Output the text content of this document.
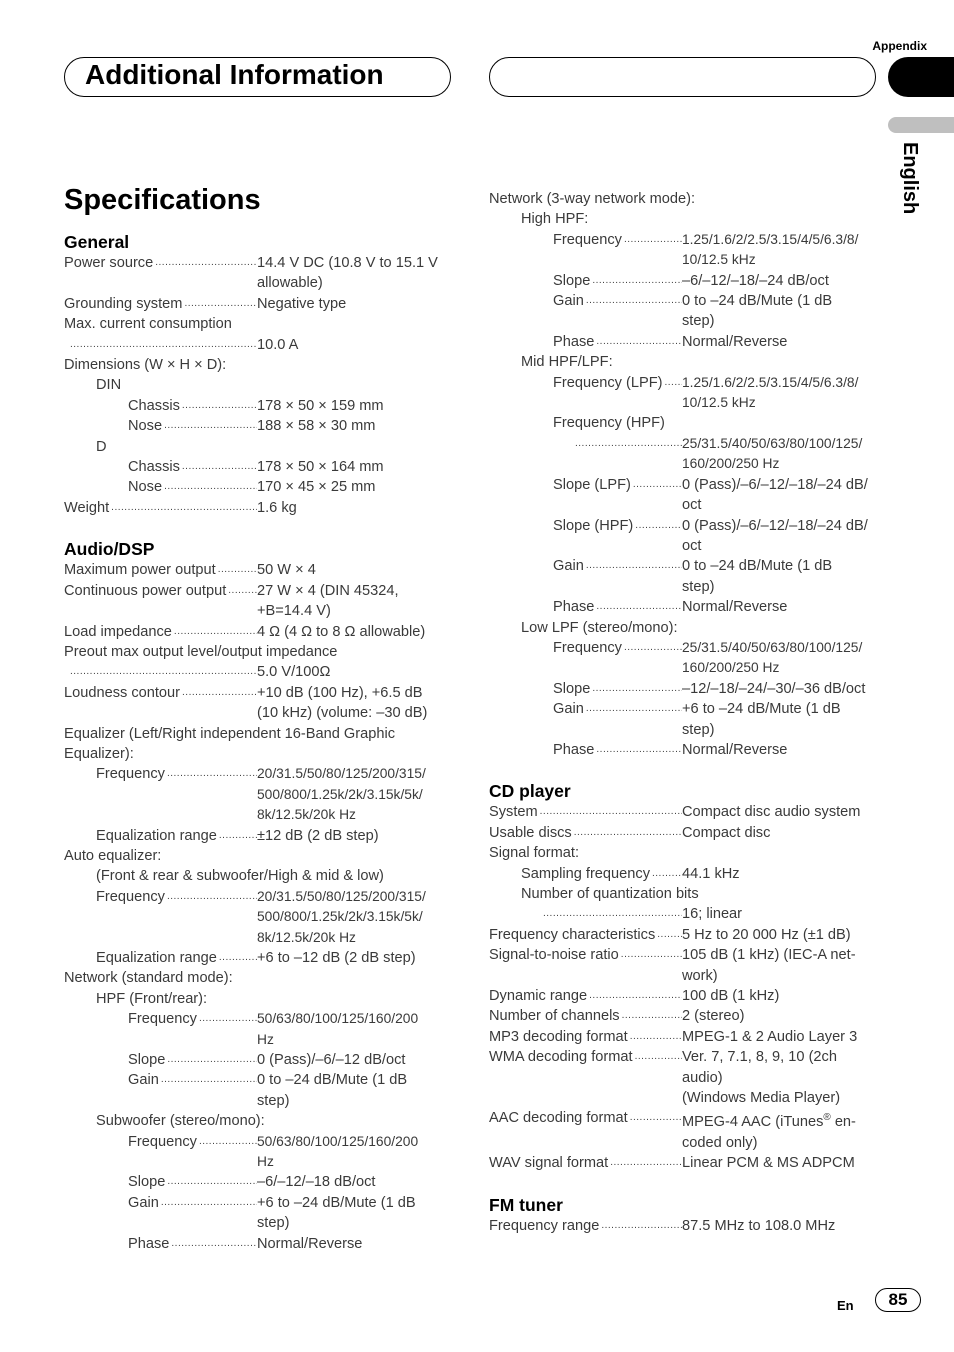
Appendix
Additional Information
English
Specifications
General
Power source .....	14.4 V DC (10.8 V to 15.1 V
allowable)
Grounding system .....	Negative type
Max. current consumption
.....
10.0 A
Dimensions (W × H × D):
DIN
Chassis .....	178 × 50 × 159 mm
Nose .....	188 × 58 × 30 mm
D
Chassis .....	178 × 50 × 164 mm
Nose .....	170 × 45 × 25 mm
Weight .....	1.6 kg
Audio/DSP
Maximum power output .....	50 W × 4
Continuous power output ..... 27 W × 4 (DIN 45324,
+B=14.4 V)
Load impedance .....	4 Ω (4 Ω to 8 Ω allowable)
Preout max output level/output impedance
.....
5.0 V/100Ω
Loudness contour .....	+10 dB (100 Hz), +6.5 dB
(10 kHz) (volume: –30 dB)
Equalizer (Left/Right independent 16-Band Graphic Equalizer):
Frequency .....	20/31.5/50/80/125/200/315/
500/800/1.25k/2k/3.15k/5k/
8k/12.5k/20k Hz
Equalization range .....	±12 dB (2 dB step)
Auto equalizer:
(Front & rear & subwoofer/High & mid & low)
Frequency .....	20/31.5/50/80/125/200/315/
500/800/1.25k/2k/3.15k/5k/
8k/12.5k/20k Hz
Equalization range .....	+6 to –12 dB (2 dB step)
Network (standard mode):
HPF (Front/rear):
Frequency .....	50/63/80/100/125/160/200
Hz
Slope .....	0 (Pass)/–6/–12 dB/oct
Gain .....	0 to –24 dB/Mute (1 dB
step)
Subwoofer (stereo/mono):
Frequency .....	50/63/80/100/125/160/200
Hz
Slope .....	–6/–12/–18 dB/oct
Gain .....	+6 to –24 dB/Mute (1 dB
step)
Phase .....	Normal/Reverse
Network (3-way network mode):
High HPF:
Frequency .....	1.25/1.6/2/2.5/3.15/4/5/6.3/8/
10/12.5 kHz
Slope .....	–6/–12/–18/–24 dB/oct
Gain .....	0 to –24 dB/Mute (1 dB
step)
Phase .....	Normal/Reverse
Mid HPF/LPF:
Frequency (LPF) ..... 1.25/1.6/2/2.5/3.15/4/5/6.3/8/
10/12.5 kHz
Frequency (HPF)
.....
25/31.5/40/50/63/80/100/125/
160/200/250 Hz
Slope (LPF) .....	0 (Pass)/–6/–12/–18/–24 dB/
oct
Slope (HPF) .....	0 (Pass)/–6/–12/–18/–24 dB/
oct
Gain .....	0 to –24 dB/Mute (1 dB
step)
Phase .....	Normal/Reverse
Low LPF (stereo/mono):
Frequency .....	25/31.5/40/50/63/80/100/125/
160/200/250 Hz
Slope .....	–12/–18/–24/–30/–36 dB/oct
Gain .....	+6 to –24 dB/Mute (1 dB
step)
Phase .....	Normal/Reverse
CD player
System .....	Compact disc audio system
Usable discs .....	Compact disc
Signal format:
Sampling frequency ..... 44.1 kHz
Number of quantization bits
.....
16; linear
Frequency characteristics ..... 5 Hz to 20 000 Hz (±1 dB)
Signal-to-noise ratio .....	105 dB (1 kHz) (IEC-A net-
work)
Dynamic range .....	100 dB (1 kHz)
Number of channels .....	2 (stereo)
MP3 decoding format .....	MPEG-1 & 2 Audio Layer 3
WMA decoding format .....	Ver. 7, 7.1, 8, 9, 10 (2ch
audio)
(Windows Media Player)
AAC decoding format .....	MPEG-4 AAC (iTunes® en-
coded only)
WAV signal format .....	Linear PCM & MS ADPCM
FM tuner
Frequency range .....	87.5 MHz to 108.0 MHz
En	85
